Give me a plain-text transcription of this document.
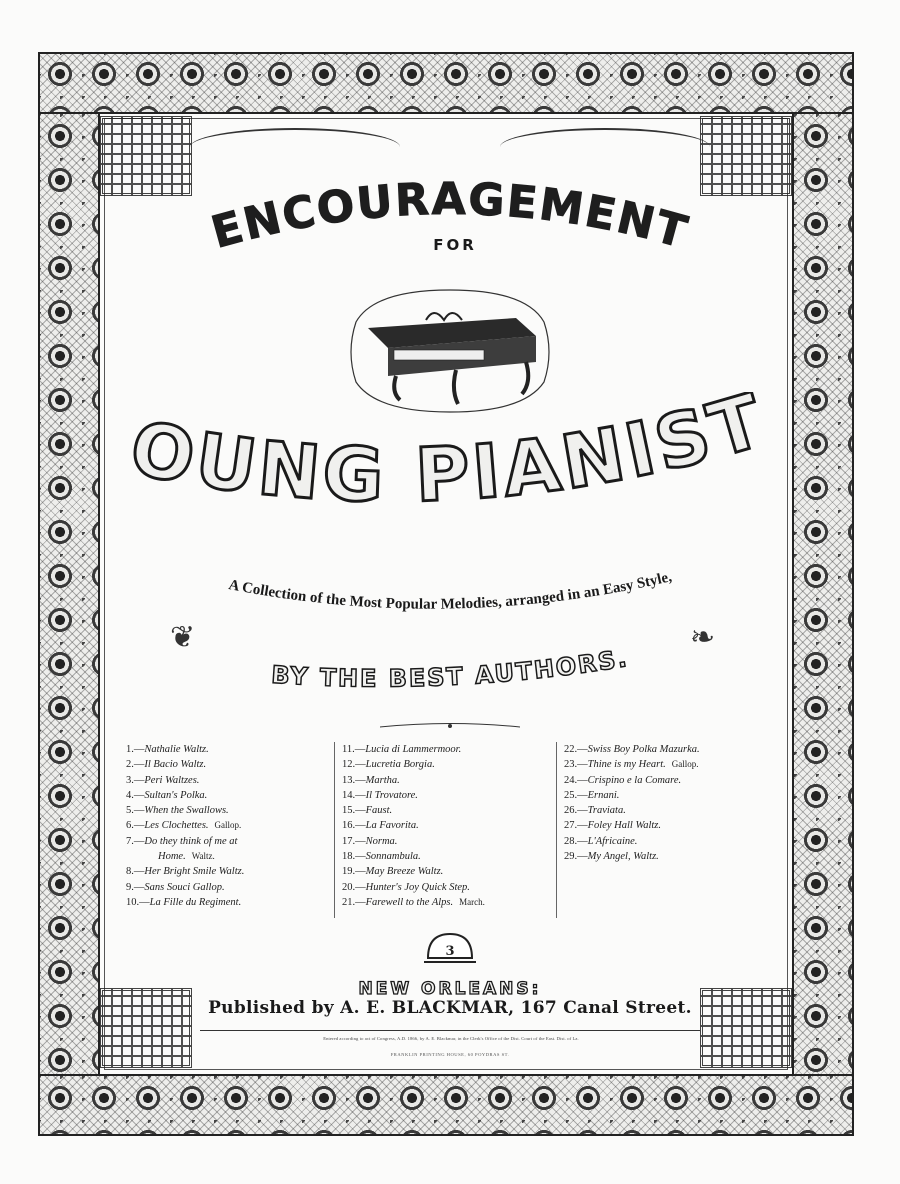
ENCOURAGEMENT
FOR
OUNG PIANIST
A Collection of the Most Popular Melodies, arranged in an Easy Style,
❦	❧
BY THE BEST AUTHORS.
1.—Nathalie Waltz.
2.—Il Bacio Waltz.
3.—Peri Waltzes.
4.—Sultan's Polka.
5.—When the Swallows.
6.—Les Clochettes. Gallop.
7.—Do they think of me at
Home. Waltz.
8.—Her Bright Smile Waltz.
9.—Sans Souci Gallop.
10.—La Fille du Regiment.
11.—Lucia di Lammermoor.
12.—Lucretia Borgia.
13.—Martha.
14.—Il Trovatore.
15.—Faust.
16.—La Favorita.
17.—Norma.
18.—Sonnambula.
19.—May Breeze Waltz.
20.—Hunter's Joy Quick Step.
21.—Farewell to the Alps. March.
22.—Swiss Boy Polka Mazurka.
23.—Thine is my Heart. Gallop.
24.—Crispino e la Comare.
25.—Ernani.
26.—Traviata.
27.—Foley Hall Waltz.
28.—L'Africaine.
29.—My Angel, Waltz.
3
NEW ORLEANS:
Published by A. E. BLACKMAR, 167 Canal Street.
Entered according to act of Congress, A.D. 1866, by A. E. Blackmar, in the Clerk's Office of the Dist. Court of the East. Dist. of La.
FRANKLIN PRINTING HOUSE, 60 POYDRAS ST.
